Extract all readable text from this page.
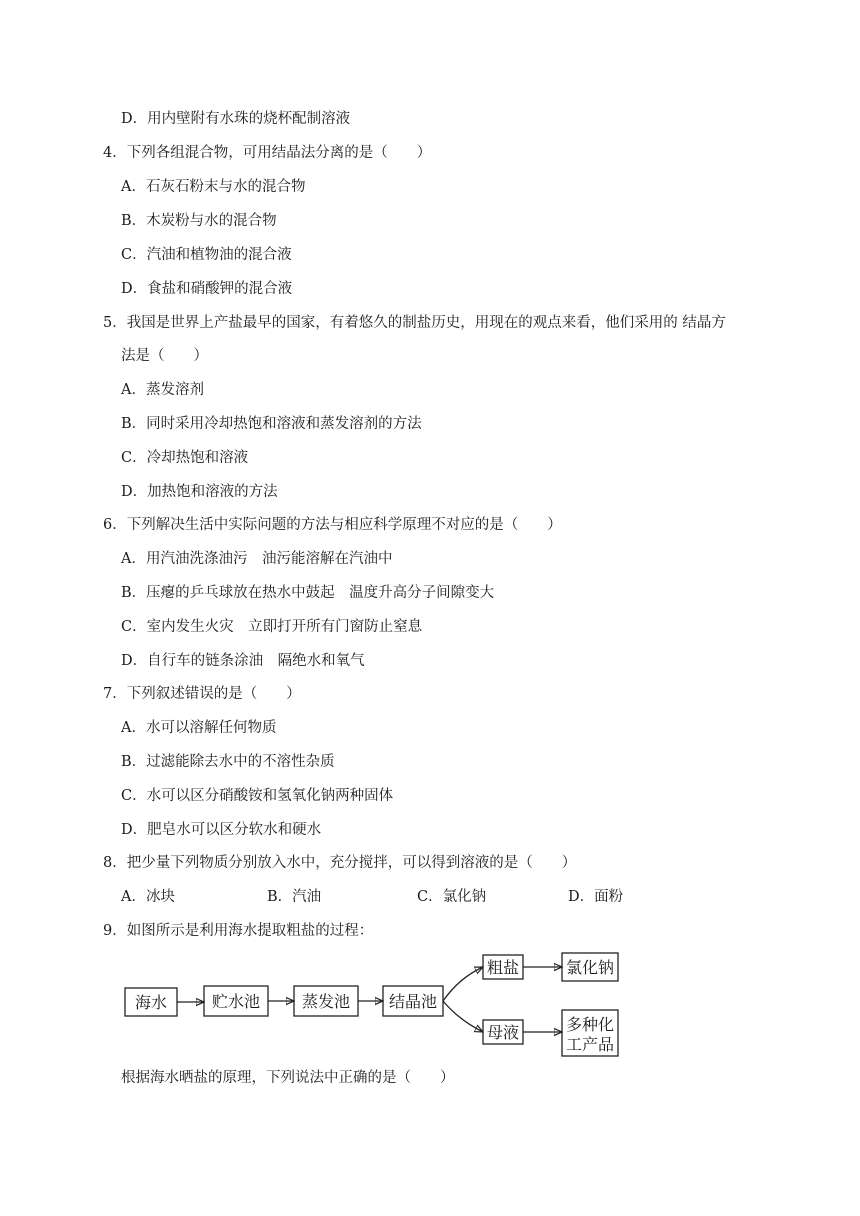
D．用内壁附有水珠的烧杯配制溶液
4．下列各组混合物，可用结晶法分离的是（　　）
A．石灰石粉末与水的混合物
B．木炭粉与水的混合物
C．汽油和植物油的混合液
D．食盐和硝酸钾的混合液
5．我国是世界上产盐最早的国家，有着悠久的制盐历史，用现在的观点来看，他们采用的 结晶方
法是（　　）
A．蒸发溶剂
B．同时采用冷却热饱和溶液和蒸发溶剂的方法
C．冷却热饱和溶液
D．加热饱和溶液的方法
6．下列解决生活中实际问题的方法与相应科学原理不对应的是（　　）
A．用汽油洗涤油污　油污能溶解在汽油中
B．压瘪的乒乓球放在热水中鼓起　温度升高分子间隙变大
C．室内发生火灾　立即打开所有门窗防止窒息
D．自行车的链条涂油　隔绝水和氧气
7．下列叙述错误的是（　　）
A．水可以溶解任何物质
B．过滤能除去水中的不溶性杂质
C．水可以区分硝酸铵和氢氧化钠两种固体
D．肥皂水可以区分软水和硬水
8．把少量下列物质分别放入水中，充分搅拌，可以得到溶液的是（　　）
A．冰块	B．汽油	C．氯化钠	D．面粉
9．如图所示是利用海水提取粗盐的过程：
海水	贮水池	蒸发池 结晶池
粗盐	氯化钠
母液	多种化
工产品
根据海水晒盐的原理，下列说法中正确的是（　　）
